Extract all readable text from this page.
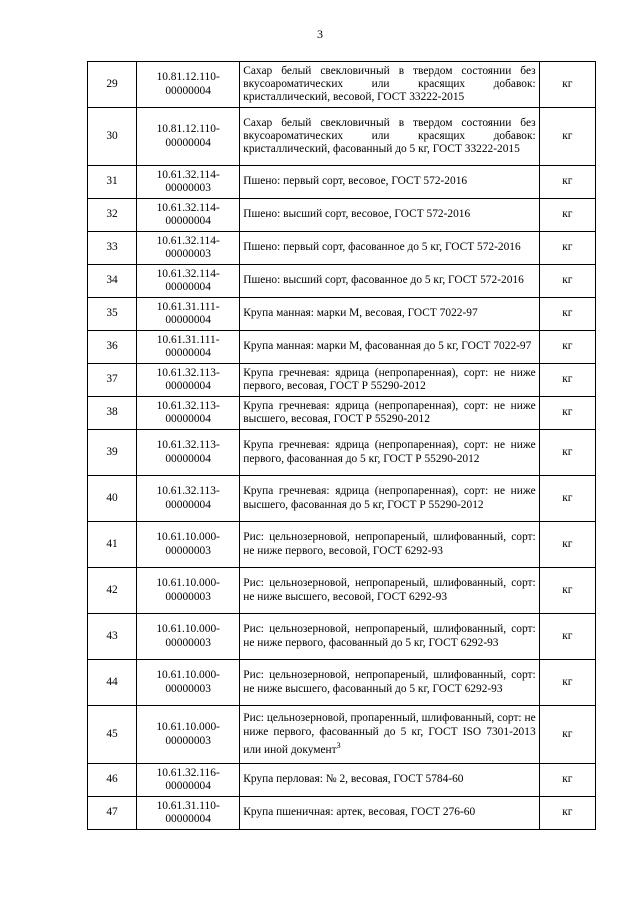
3
29	10.81.12.110-00000004	Сахар белый свекловичный в твердом состоянии без вкусоароматических или красящих добавок: кристаллический, весовой, ГОСТ 33222-2015	кг
30	10.81.12.110-00000004	Сахар белый свекловичный в твердом состоянии без вкусоароматических или красящих добавок: кристаллический, фасованный до 5 кг, ГОСТ 33222-2015	кг
31	10.61.32.114-00000003	Пшено: первый сорт, весовое, ГОСТ 572-2016	кг
32	10.61.32.114-00000004	Пшено: высший сорт, весовое, ГОСТ 572-2016	кг
33	10.61.32.114-00000003	Пшено: первый сорт, фасованное до 5 кг, ГОСТ 572-2016	кг
34	10.61.32.114-00000004	Пшено: высший сорт, фасованное до 5 кг, ГОСТ 572-2016	кг
35	10.61.31.111-00000004	Крупа манная: марки М, весовая, ГОСТ 7022-97	кг
36	10.61.31.111-00000004	Крупа манная: марки М, фасованная до 5 кг, ГОСТ 7022-97	кг
37	10.61.32.113-00000004	Крупа гречневая: ядрица (непропаренная), сорт: не ниже первого, весовая, ГОСТ Р 55290-2012	кг
38	10.61.32.113-00000004	Крупа гречневая: ядрица (непропаренная), сорт: не ниже высшего, весовая, ГОСТ Р 55290-2012	кг
39	10.61.32.113-00000004	Крупа гречневая: ядрица (непропаренная), сорт: не ниже первого, фасованная до 5 кг, ГОСТ Р 55290-2012	кг
40	10.61.32.113-00000004	Крупа гречневая: ядрица (непропаренная), сорт: не ниже высшего, фасованная до 5 кг, ГОСТ Р 55290-2012	кг
41	10.61.10.000-00000003	Рис: цельнозерновой, непропареный, шлифованный, сорт: не ниже первого, весовой, ГОСТ 6292-93	кг
42	10.61.10.000-00000003	Рис: цельнозерновой, непропареный, шлифованный, сорт: не ниже высшего, весовой, ГОСТ 6292-93	кг
43	10.61.10.000-00000003	Рис: цельнозерновой, непропареный, шлифованный, сорт: не ниже первого, фасованный до 5 кг, ГОСТ 6292-93	кг
44	10.61.10.000-00000003	Рис: цельнозерновой, непропареный, шлифованный, сорт: не ниже высшего, фасованный до 5 кг, ГОСТ 6292-93	кг
45	10.61.10.000-00000003	Рис: цельнозерновой, пропаренный, шлифованный, сорт: не ниже первого, фасованный до 5 кг, ГОСТ ISO 7301-2013 или иной документ$^3$	кг
46	10.61.32.116-00000004	Крупа перловая: № 2, весовая, ГОСТ 5784-60	кг
47	10.61.31.110-00000004	Крупа пшеничная: артек, весовая, ГОСТ 276-60	кг
